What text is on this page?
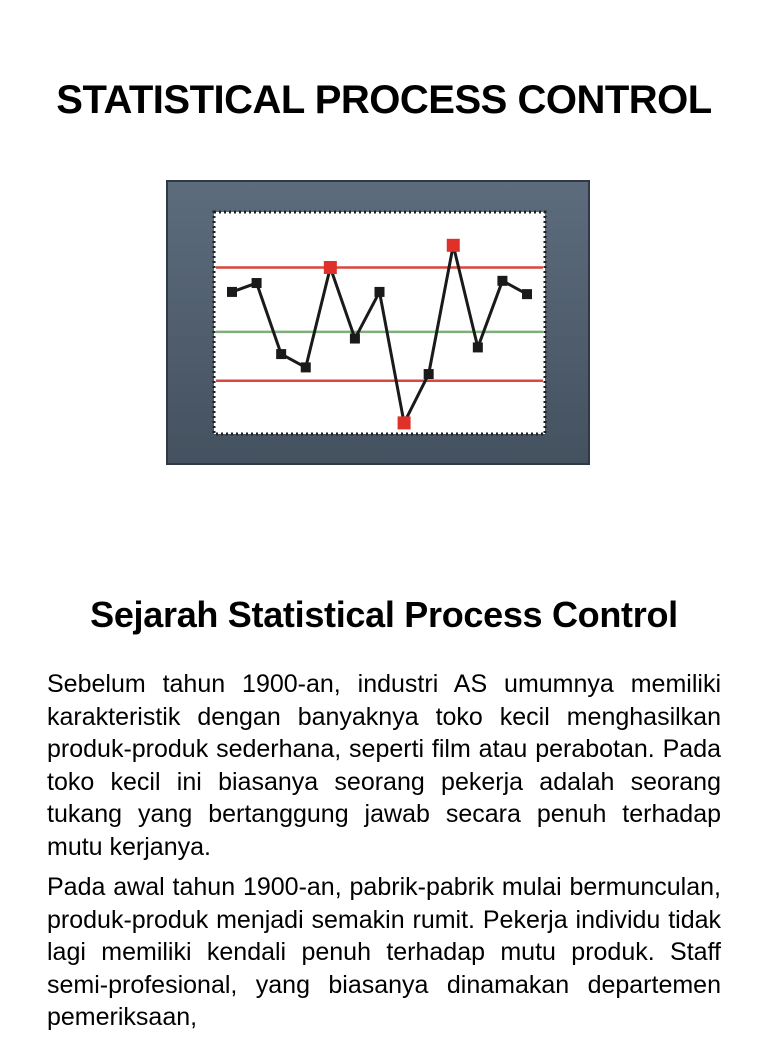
STATISTICAL PROCESS CONTROL
Sejarah Statistical Process Control

Sebelum tahun 1900-an, industri AS umumnya memiliki karakteristik dengan banyaknya toko kecil menghasilkan produk-produk sederhana, seperti film atau perabotan. Pada toko kecil ini biasanya seorang pekerja adalah seorang tukang yang bertanggung jawab secara penuh terhadap mutu kerjanya.

Pada awal tahun 1900-an, pabrik-pabrik mulai bermunculan, produk-produk menjadi semakin rumit. Pekerja individu tidak lagi memiliki kendali penuh terhadap mutu produk. Staff semi-profesional, yang biasanya dinamakan departemen pemeriksaan,
